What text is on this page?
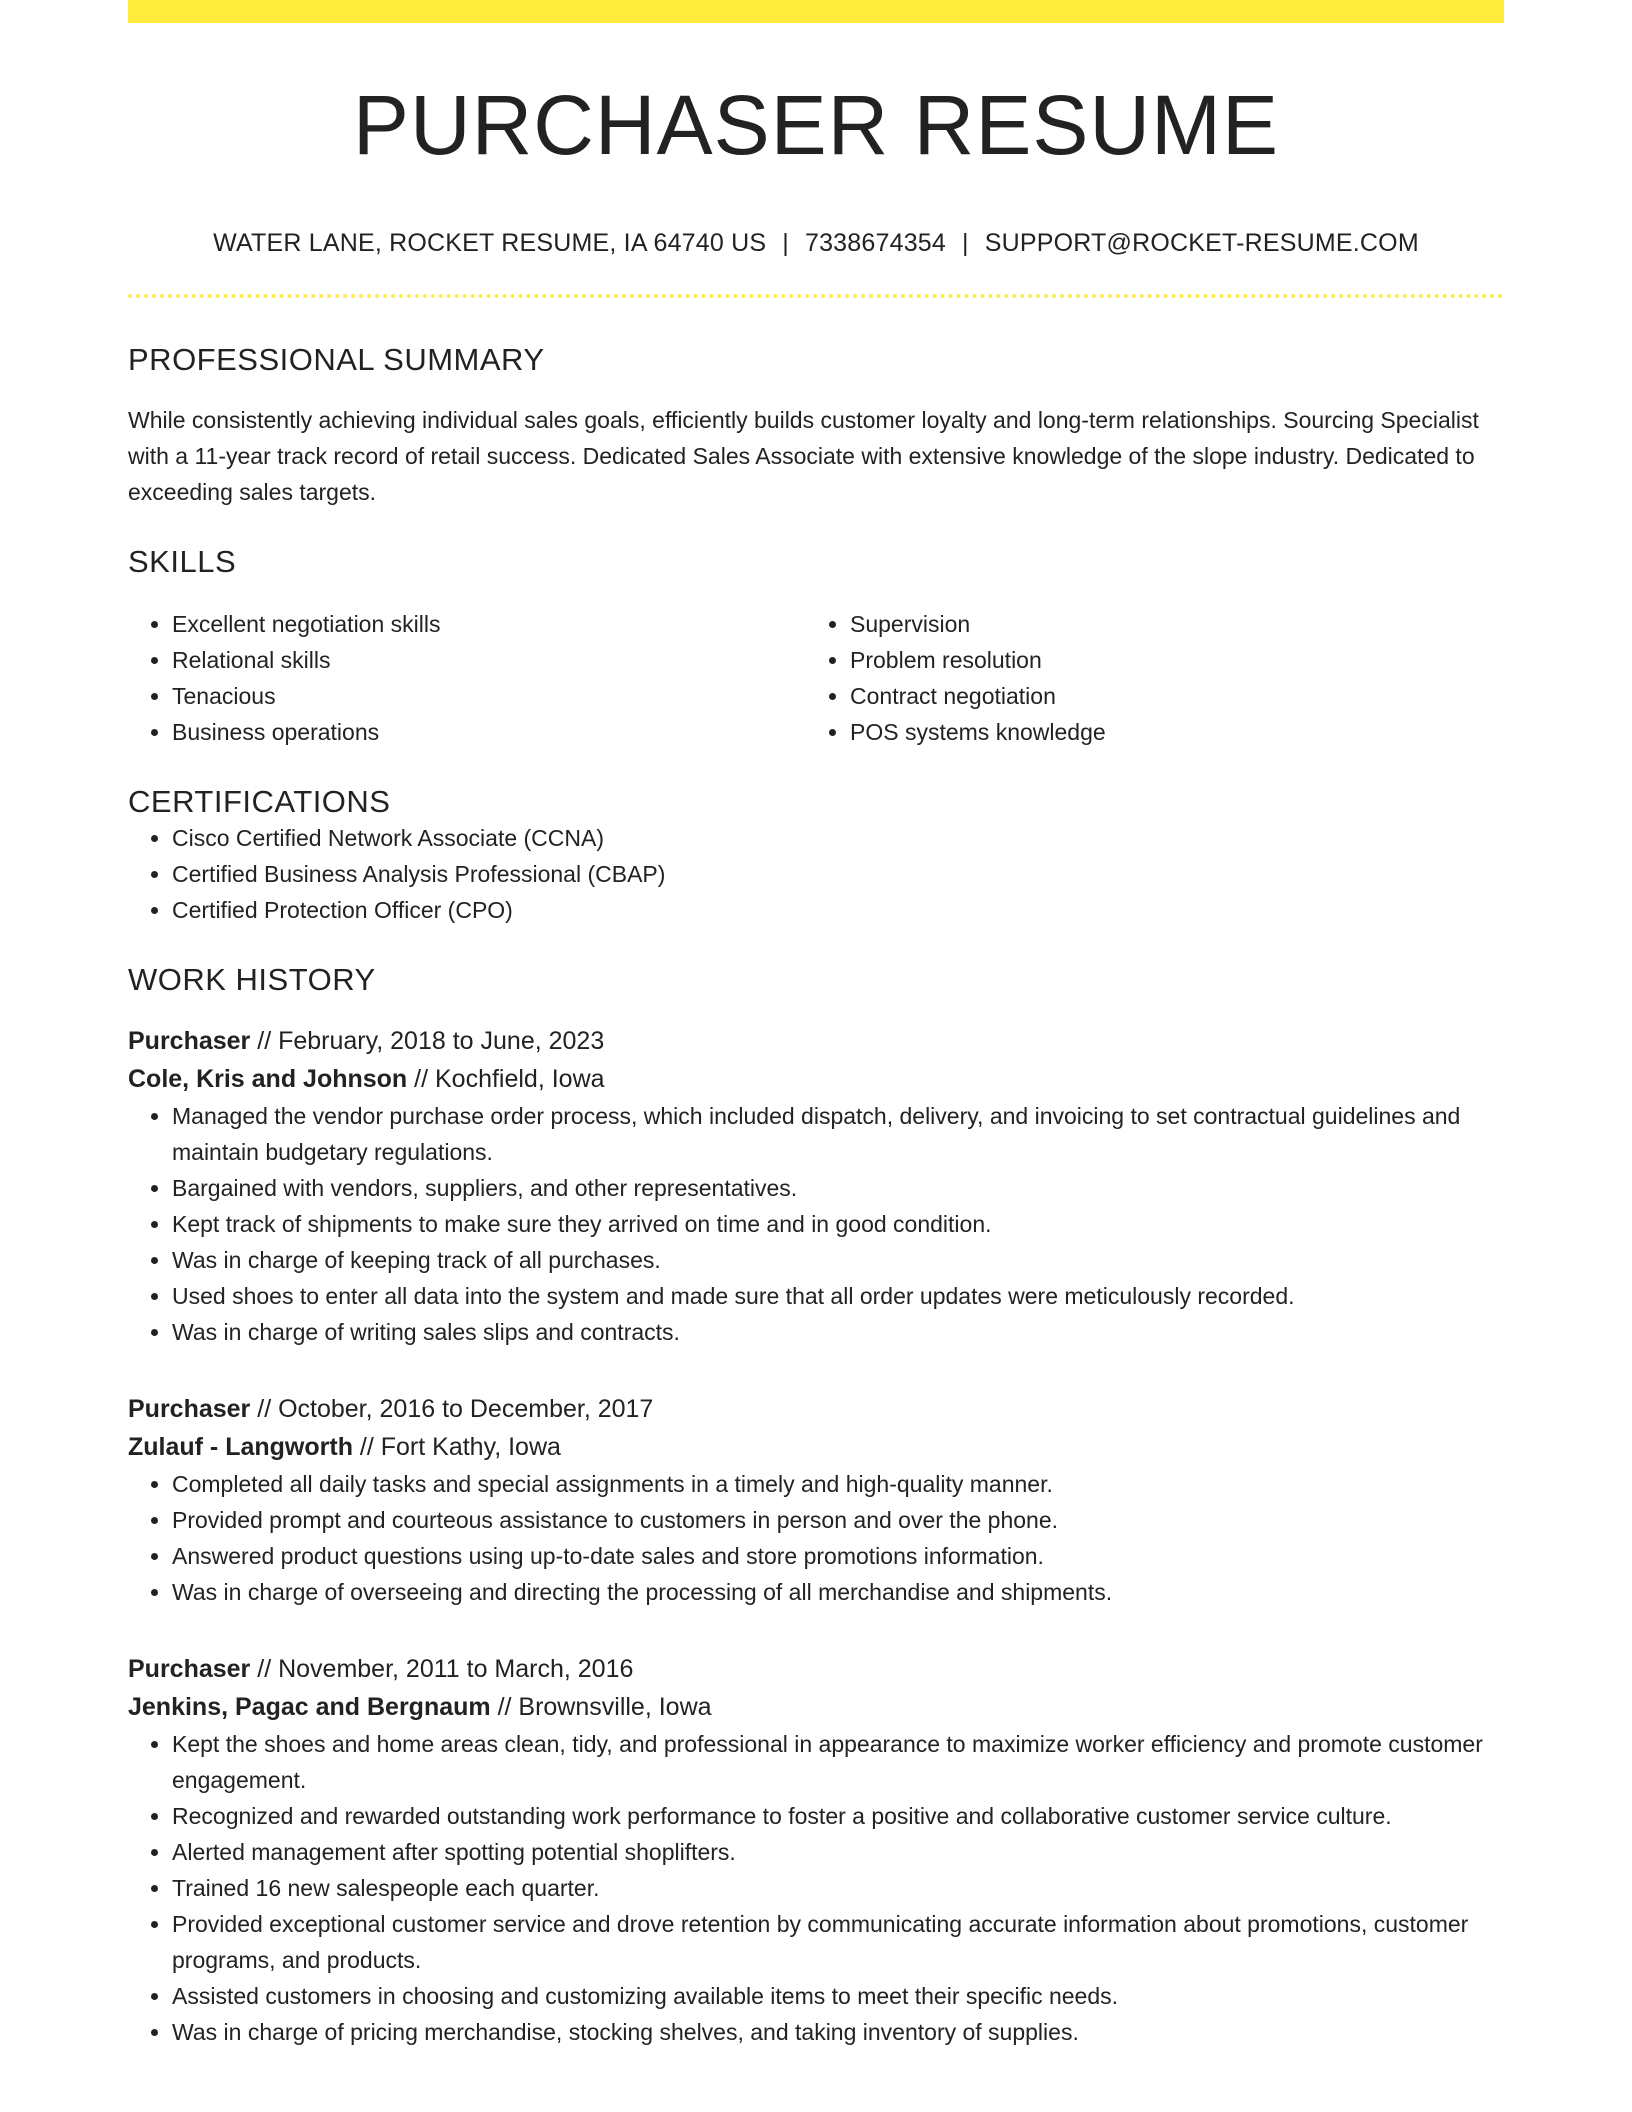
PURCHASER RESUME
WATER LANE, ROCKET RESUME, IA 64740 US | 7338674354 | SUPPORT@ROCKET-RESUME.COM
PROFESSIONAL SUMMARY
While consistently achieving individual sales goals, efficiently builds customer loyalty and long-term relationships. Sourcing Specialist with a 11-year track record of retail success. Dedicated Sales Associate with extensive knowledge of the slope industry. Dedicated to exceeding sales targets.
SKILLS
• Excellent negotiation skills
• Relational skills
• Tenacious
• Business operations
• Supervision
• Problem resolution
• Contract negotiation
• POS systems knowledge
CERTIFICATIONS
• Cisco Certified Network Associate (CCNA)
• Certified Business Analysis Professional (CBAP)
• Certified Protection Officer (CPO)
WORK HISTORY
Purchaser // February, 2018 to June, 2023
Cole, Kris and Johnson // Kochfield, Iowa
• Managed the vendor purchase order process, which included dispatch, delivery, and invoicing to set contractual guidelines and maintain budgetary regulations.
• Bargained with vendors, suppliers, and other representatives.
• Kept track of shipments to make sure they arrived on time and in good condition.
• Was in charge of keeping track of all purchases.
• Used shoes to enter all data into the system and made sure that all order updates were meticulously recorded.
• Was in charge of writing sales slips and contracts.
Purchaser // October, 2016 to December, 2017
Zulauf - Langworth // Fort Kathy, Iowa
• Completed all daily tasks and special assignments in a timely and high-quality manner.
• Provided prompt and courteous assistance to customers in person and over the phone.
• Answered product questions using up-to-date sales and store promotions information.
• Was in charge of overseeing and directing the processing of all merchandise and shipments.
Purchaser // November, 2011 to March, 2016
Jenkins, Pagac and Bergnaum // Brownsville, Iowa
• Kept the shoes and home areas clean, tidy, and professional in appearance to maximize worker efficiency and promote customer engagement.
• Recognized and rewarded outstanding work performance to foster a positive and collaborative customer service culture.
• Alerted management after spotting potential shoplifters.
• Trained 16 new salespeople each quarter.
• Provided exceptional customer service and drove retention by communicating accurate information about promotions, customer programs, and products.
• Assisted customers in choosing and customizing available items to meet their specific needs.
• Was in charge of pricing merchandise, stocking shelves, and taking inventory of supplies.
